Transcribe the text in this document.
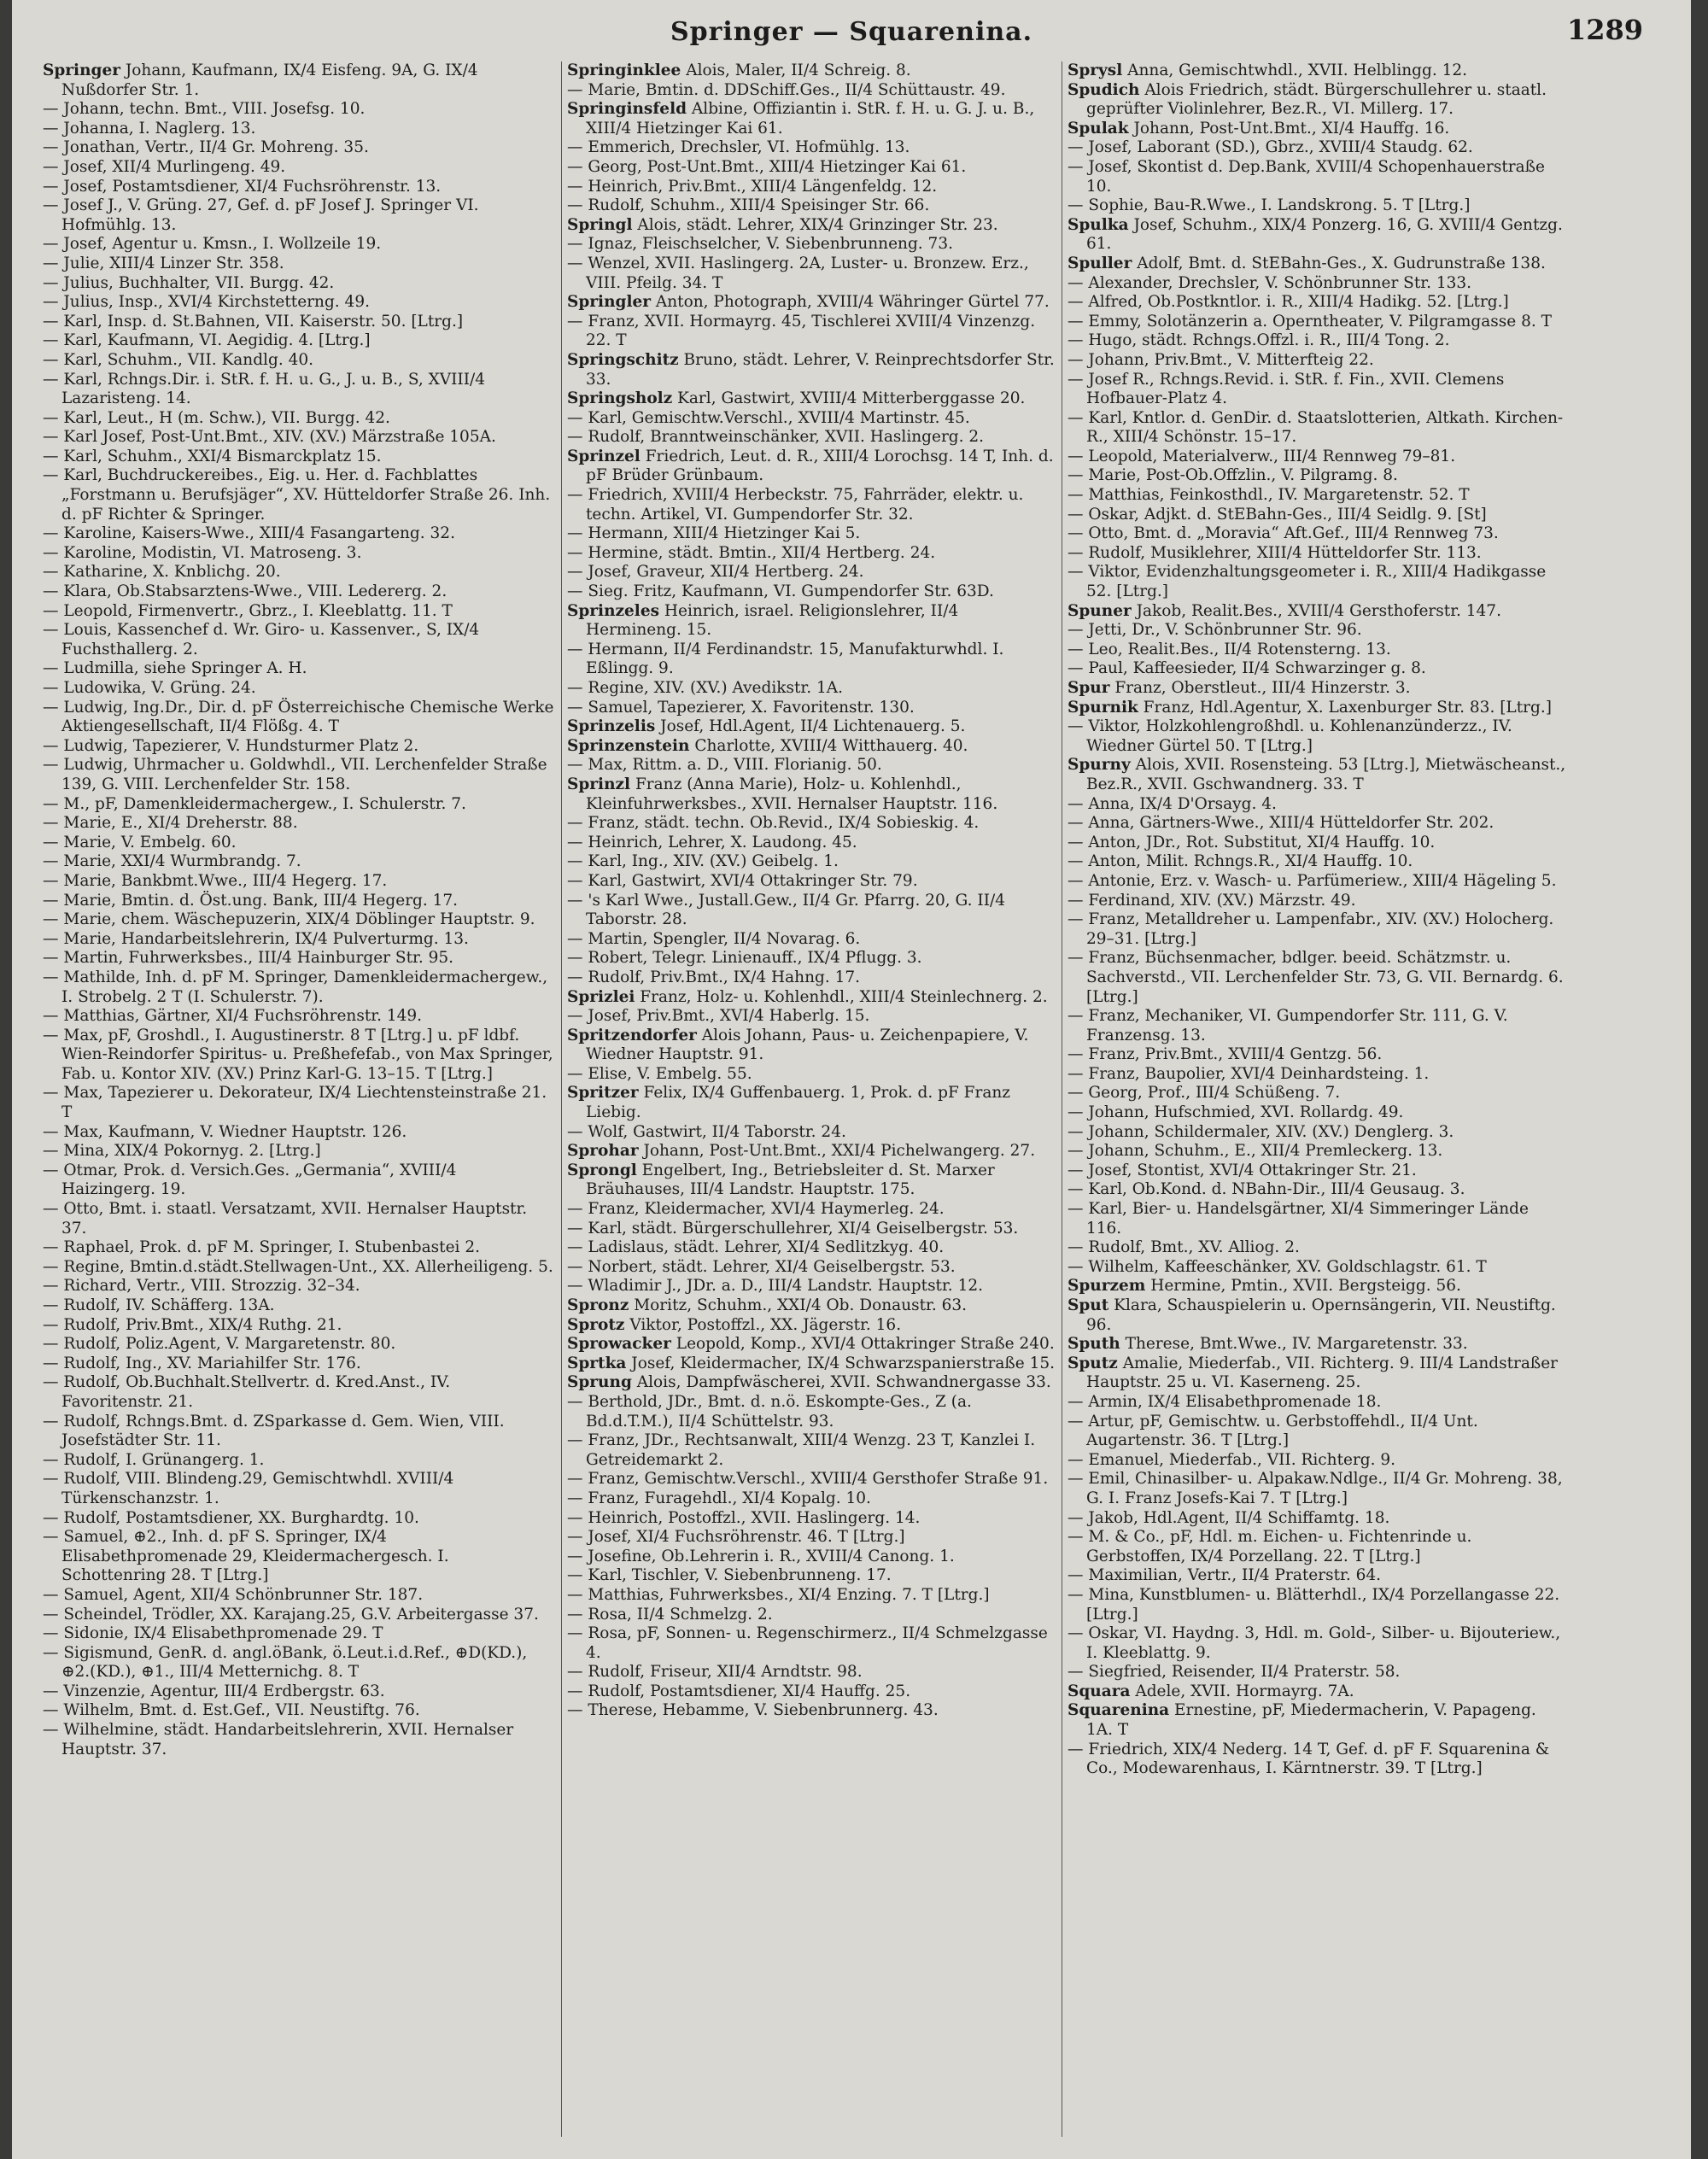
Springer — Squarenina.	1289

Springer Johann, Kaufmann, IX/4 Eisfeng. 9A, G. IX/4 Nußdorfer Str. 1.

— Johann, techn. Bmt., VIII. Josefsg. 10.

— Johanna, I. Naglerg. 13.

— Jonathan, Vertr., II/4 Gr. Mohreng. 35.

— Josef, XII/4 Murlingeng. 49.

— Josef, Postamtsdiener, XI/4 Fuchsröhrenstr. 13.

— Josef J., V. Grüng. 27, Gef. d. pF Josef J. Springer VI. Hofmühlg. 13.

— Josef, Agentur u. Kmsn., I. Wollzeile 19.

— Julie, XIII/4 Linzer Str. 358.

— Julius, Buchhalter, VII. Burgg. 42.

— Julius, Insp., XVI/4 Kirchstetterng. 49.

— Karl, Insp. d. St.Bahnen, VII. Kaiserstr. 50. [Ltrg.]

— Karl, Kaufmann, VI. Aegidig. 4. [Ltrg.]

— Karl, Schuhm., VII. Kandlg. 40.

— Karl, Rchngs.Dir. i. StR. f. H. u. G., J. u. B., S, XVIII/4 Lazaristeng. 14.

— Karl, Leut., H (m. Schw.), VII. Burgg. 42.

— Karl Josef, Post-Unt.Bmt., XIV. (XV.) Märzstraße 105A.

— Karl, Schuhm., XXI/4 Bismarckplatz 15.

— Karl, Buchdruckereibes., Eig. u. Her. d. Fachblattes „Forstmann u. Berufsjäger“, XV. Hütteldorfer Straße 26. Inh. d. pF Richter & Springer.

— Karoline, Kaisers-Wwe., XIII/4 Fasangarteng. 32.

— Karoline, Modistin, VI. Matroseng. 3.

— Katharine, X. Knblichg. 20.

— Klara, Ob.Stabsarztens-Wwe., VIII. Ledererg. 2.

— Leopold, Firmenvertr., Gbrz., I. Kleeblattg. 11. T

— Louis, Kassenchef d. Wr. Giro- u. Kassenver., S, IX/4 Fuchsthallerg. 2.

— Ludmilla, siehe Springer A. H.

— Ludowika, V. Grüng. 24.

— Ludwig, Ing.Dr., Dir. d. pF Österreichische Chemische Werke Aktiengesellschaft, II/4 Flößg. 4. T

— Ludwig, Tapezierer, V. Hundsturmer Platz 2.

— Ludwig, Uhrmacher u. Goldwhdl., VII. Lerchenfelder Straße 139, G. VIII. Lerchenfelder Str. 158.

— M., pF, Damenkleidermachergew., I. Schulerstr. 7.

— Marie, E., XI/4 Dreherstr. 88.

— Marie, V. Embelg. 60.

— Marie, XXI/4 Wurmbrandg. 7.

— Marie, Bankbmt.Wwe., III/4 Hegerg. 17.

— Marie, Bmtin. d. Öst.ung. Bank, III/4 Hegerg. 17.

— Marie, chem. Wäschepuzerin, XIX/4 Döblinger Hauptstr. 9.

— Marie, Handarbeitslehrerin, IX/4 Pulverturmg. 13.

— Martin, Fuhrwerksbes., III/4 Hainburger Str. 95.

— Mathilde, Inh. d. pF M. Springer, Damenkleidermachergew., I. Strobelg. 2 T (I. Schulerstr. 7).

— Matthias, Gärtner, XI/4 Fuchsröhrenstr. 149.

— Max, pF, Groshdl., I. Augustinerstr. 8 T [Ltrg.] u. pF ldbf. Wien-Reindorfer Spiritus- u. Preßhefefab., von Max Springer, Fab. u. Kontor XIV. (XV.) Prinz Karl-G. 13–15. T [Ltrg.]

— Max, Tapezierer u. Dekorateur, IX/4 Liechtensteinstraße 21. T

— Max, Kaufmann, V. Wiedner Hauptstr. 126.

— Mina, XIX/4 Pokornyg. 2. [Ltrg.]

— Otmar, Prok. d. Versich.Ges. „Germania“, XVIII/4 Haizingerg. 19.

— Otto, Bmt. i. staatl. Versatzamt, XVII. Hernalser Hauptstr. 37.

— Raphael, Prok. d. pF M. Springer, I. Stubenbastei 2.

— Regine, Bmtin.d.städt.Stellwagen-Unt., XX. Allerheiligeng. 5.

— Richard, Vertr., VIII. Strozzig. 32–34.

— Rudolf, IV. Schäfferg. 13A.

— Rudolf, Priv.Bmt., XIX/4 Ruthg. 21.

— Rudolf, Poliz.Agent, V. Margaretenstr. 80.

— Rudolf, Ing., XV. Mariahilfer Str. 176.

— Rudolf, Ob.Buchhalt.Stellvertr. d. Kred.Anst., IV. Favoritenstr. 21.

— Rudolf, Rchngs.Bmt. d. ZSparkasse d. Gem. Wien, VIII. Josefstädter Str. 11.

— Rudolf, I. Grünangerg. 1.

— Rudolf, VIII. Blindeng.29, Gemischtwhdl. XVIII/4 Türkenschanzstr. 1.

— Rudolf, Postamtsdiener, XX. Burghardtg. 10.

— Samuel, ⊕2., Inh. d. pF S. Springer, IX/4 Elisabethpromenade 29, Kleidermachergesch. I. Schottenring 28. T [Ltrg.]

— Samuel, Agent, XII/4 Schönbrunner Str. 187.

— Scheindel, Trödler, XX. Karajang.25, G.V. Arbeitergasse 37.

— Sidonie, IX/4 Elisabethpromenade 29. T

— Sigismund, GenR. d. angl.öBank, ö.Leut.i.d.Ref., ⊕D(KD.), ⊕2.(KD.), ⊕1., III/4 Metternichg. 8. T

— Vinzenzie, Agentur, III/4 Erdbergstr. 63.

— Wilhelm, Bmt. d. Est.Gef., VII. Neustiftg. 76.

— Wilhelmine, städt. Handarbeitslehrerin, XVII. Hernalser Hauptstr. 37.

Springinklee Alois, Maler, II/4 Schreig. 8.

— Marie, Bmtin. d. DDSchiff.Ges., II/4 Schüttaustr. 49.

Springinsfeld Albine, Offiziantin i. StR. f. H. u. G. J. u. B., XIII/4 Hietzinger Kai 61.

— Emmerich, Drechsler, VI. Hofmühlg. 13.

— Georg, Post-Unt.Bmt., XIII/4 Hietzinger Kai 61.

— Heinrich, Priv.Bmt., XIII/4 Längenfeldg. 12.

— Rudolf, Schuhm., XIII/4 Speisinger Str. 66.

Springl Alois, städt. Lehrer, XIX/4 Grinzinger Str. 23.

— Ignaz, Fleischselcher, V. Siebenbrunneng. 73.

— Wenzel, XVII. Haslingerg. 2A, Luster- u. Bronzew. Erz., VIII. Pfeilg. 34. T

Springler Anton, Photograph, XVIII/4 Währinger Gürtel 77.

— Franz, XVII. Hormayrg. 45, Tischlerei XVIII/4 Vinzenzg. 22. T

Springschitz Bruno, städt. Lehrer, V. Reinprechtsdorfer Str. 33.

Springsholz Karl, Gastwirt, XVIII/4 Mitterberggasse 20.

— Karl, Gemischtw.Verschl., XVIII/4 Martinstr. 45.

— Rudolf, Branntweinschänker, XVII. Haslingerg. 2.

Sprinzel Friedrich, Leut. d. R., XIII/4 Lorochsg. 14 T, Inh. d. pF Brüder Grünbaum.

— Friedrich, XVIII/4 Herbeckstr. 75, Fahrräder, elektr. u. techn. Artikel, VI. Gumpendorfer Str. 32.

— Hermann, XIII/4 Hietzinger Kai 5.

— Hermine, städt. Bmtin., XII/4 Hertberg. 24.

— Josef, Graveur, XII/4 Hertberg. 24.

— Sieg. Fritz, Kaufmann, VI. Gumpendorfer Str. 63D.

Sprinzeles Heinrich, israel. Religionslehrer, II/4 Hermineng. 15.

— Hermann, II/4 Ferdinandstr. 15, Manufakturwhdl. I. Eßlingg. 9.

— Regine, XIV. (XV.) Avedikstr. 1A.

— Samuel, Tapezierer, X. Favoritenstr. 130.

Sprinzelis Josef, Hdl.Agent, II/4 Lichtenauerg. 5.

Sprinzenstein Charlotte, XVIII/4 Witthauerg. 40.

— Max, Rittm. a. D., VIII. Florianig. 50.

Sprinzl Franz (Anna Marie), Holz- u. Kohlenhdl., Kleinfuhrwerksbes., XVII. Hernalser Hauptstr. 116.

— Franz, städt. techn. Ob.Revid., IX/4 Sobieskig. 4.

— Heinrich, Lehrer, X. Laudong. 45.

— Karl, Ing., XIV. (XV.) Geibelg. 1.

— Karl, Gastwirt, XVI/4 Ottakringer Str. 79.

— 's Karl Wwe., Justall.Gew., II/4 Gr. Pfarrg. 20, G. II/4 Taborstr. 28.

— Martin, Spengler, II/4 Novarag. 6.

— Robert, Telegr. Linienauff., IX/4 Pflugg. 3.

— Rudolf, Priv.Bmt., IX/4 Hahng. 17.

Sprizlei Franz, Holz- u. Kohlenhdl., XIII/4 Steinlechnerg. 2.

— Josef, Priv.Bmt., XVI/4 Haberlg. 15.

Spritzendorfer Alois Johann, Paus- u. Zeichenpapiere, V. Wiedner Hauptstr. 91.

— Elise, V. Embelg. 55.

Spritzer Felix, IX/4 Guffenbauerg. 1, Prok. d. pF Franz Liebig.

— Wolf, Gastwirt, II/4 Taborstr. 24.

Sprohar Johann, Post-Unt.Bmt., XXI/4 Pichelwangerg. 27.

Sprongl Engelbert, Ing., Betriebsleiter d. St. Marxer Bräuhauses, III/4 Landstr. Hauptstr. 175.

— Franz, Kleidermacher, XVI/4 Haymerleg. 24.

— Karl, städt. Bürgerschullehrer, XI/4 Geiselbergstr. 53.

— Ladislaus, städt. Lehrer, XI/4 Sedlitzkyg. 40.

— Norbert, städt. Lehrer, XI/4 Geiselbergstr. 53.

— Wladimir J., JDr. a. D., III/4 Landstr. Hauptstr. 12.

Spronz Moritz, Schuhm., XXI/4 Ob. Donaustr. 63.

Sprotz Viktor, Postoffzl., XX. Jägerstr. 16.

Sprowacker Leopold, Komp., XVI/4 Ottakringer Straße 240.

Sprtka Josef, Kleidermacher, IX/4 Schwarzspanierstraße 15.

Sprung Alois, Dampfwäscherei, XVII. Schwandnergasse 33.

— Berthold, JDr., Bmt. d. n.ö. Eskompte-Ges., Z (a. Bd.d.T.M.), II/4 Schüttelstr. 93.

— Franz, JDr., Rechtsanwalt, XIII/4 Wenzg. 23 T, Kanzlei I. Getreidemarkt 2.

— Franz, Gemischtw.Verschl., XVIII/4 Gersthofer Straße 91.

— Franz, Furagehdl., XI/4 Kopalg. 10.

— Heinrich, Postoffzl., XVII. Haslingerg. 14.

— Josef, XI/4 Fuchsröhrenstr. 46. T [Ltrg.]

— Josefine, Ob.Lehrerin i. R., XVIII/4 Canong. 1.

— Karl, Tischler, V. Siebenbrunneng. 17.

— Matthias, Fuhrwerksbes., XI/4 Enzing. 7. T [Ltrg.]

— Rosa, II/4 Schmelzg. 2.

— Rosa, pF, Sonnen- u. Regenschirmerz., II/4 Schmelzgasse 4.

— Rudolf, Friseur, XII/4 Arndtstr. 98.

— Rudolf, Postamtsdiener, XI/4 Hauffg. 25.

— Therese, Hebamme, V. Siebenbrunnerg. 43.

Sprysl Anna, Gemischtwhdl., XVII. Helblingg. 12.

Spudich Alois Friedrich, städt. Bürgerschullehrer u. staatl. geprüfter Violinlehrer, Bez.R., VI. Millerg. 17.

Spulak Johann, Post-Unt.Bmt., XI/4 Hauffg. 16.

— Josef, Laborant (SD.), Gbrz., XVIII/4 Staudg. 62.

— Josef, Skontist d. Dep.Bank, XVIII/4 Schopenhauerstraße 10.

— Sophie, Bau-R.Wwe., I. Landskrong. 5. T [Ltrg.]

Spulka Josef, Schuhm., XIX/4 Ponzerg. 16, G. XVIII/4 Gentzg. 61.

Spuller Adolf, Bmt. d. StEBahn-Ges., X. Gudrunstraße 138.

— Alexander, Drechsler, V. Schönbrunner Str. 133.

— Alfred, Ob.Postkntlor. i. R., XIII/4 Hadikg. 52. [Ltrg.]

— Emmy, Solotänzerin a. Operntheater, V. Pilgramgasse 8. T

— Hugo, städt. Rchngs.Offzl. i. R., III/4 Tong. 2.

— Johann, Priv.Bmt., V. Mitterfteig 22.

— Josef R., Rchngs.Revid. i. StR. f. Fin., XVII. Clemens Hofbauer-Platz 4.

— Karl, Kntlor. d. GenDir. d. Staatslotterien, Altkath. Kirchen-R., XIII/4 Schönstr. 15–17.

— Leopold, Materialverw., III/4 Rennweg 79–81.

— Marie, Post-Ob.Offzlin., V. Pilgramg. 8.

— Matthias, Feinkosthdl., IV. Margaretenstr. 52. T

— Oskar, Adjkt. d. StEBahn-Ges., III/4 Seidlg. 9. [St]

— Otto, Bmt. d. „Moravia“ Aft.Gef., III/4 Rennweg 73.

— Rudolf, Musiklehrer, XIII/4 Hütteldorfer Str. 113.

— Viktor, Evidenzhaltungsgeometer i. R., XIII/4 Hadikgasse 52. [Ltrg.]

Spuner Jakob, Realit.Bes., XVIII/4 Gersthoferstr. 147.

— Jetti, Dr., V. Schönbrunner Str. 96.

— Leo, Realit.Bes., II/4 Rotensterng. 13.

— Paul, Kaffeesieder, II/4 Schwarzinger g. 8.

Spur Franz, Oberstleut., III/4 Hinzerstr. 3.

Spurnik Franz, Hdl.Agentur, X. Laxenburger Str. 83. [Ltrg.]

— Viktor, Holzkohlengroßhdl. u. Kohlenanzünderzz., IV. Wiedner Gürtel 50. T [Ltrg.]

Spurny Alois, XVII. Rosensteing. 53 [Ltrg.], Mietwäscheanst., Bez.R., XVII. Gschwandnerg. 33. T

— Anna, IX/4 D'Orsayg. 4.

— Anna, Gärtners-Wwe., XIII/4 Hütteldorfer Str. 202.

— Anton, JDr., Rot. Substitut, XI/4 Hauffg. 10.

— Anton, Milit. Rchngs.R., XI/4 Hauffg. 10.

— Antonie, Erz. v. Wasch- u. Parfümeriew., XIII/4 Hägeling 5.

— Ferdinand, XIV. (XV.) Märzstr. 49.

— Franz, Metalldreher u. Lampenfabr., XIV. (XV.) Holocherg. 29–31. [Ltrg.]

— Franz, Büchsenmacher, bdlger. beeid. Schätzmstr. u. Sachverstd., VII. Lerchenfelder Str. 73, G. VII. Bernardg. 6. [Ltrg.]

— Franz, Mechaniker, VI. Gumpendorfer Str. 111, G. V. Franzensg. 13.

— Franz, Priv.Bmt., XVIII/4 Gentzg. 56.

— Franz, Baupolier, XVI/4 Deinhardsteing. 1.

— Georg, Prof., III/4 Schüßeng. 7.

— Johann, Hufschmied, XVI. Rollardg. 49.

— Johann, Schildermaler, XIV. (XV.) Denglerg. 3.

— Johann, Schuhm., E., XII/4 Premleckerg. 13.

— Josef, Stontist, XVI/4 Ottakringer Str. 21.

— Karl, Ob.Kond. d. NBahn-Dir., III/4 Geusaug. 3.

— Karl, Bier- u. Handelsgärtner, XI/4 Simmeringer Lände 116.

— Rudolf, Bmt., XV. Alliog. 2.

— Wilhelm, Kaffeeschänker, XV. Goldschlagstr. 61. T

Spurzem Hermine, Pmtin., XVII. Bergsteigg. 56.

Sput Klara, Schauspielerin u. Opernsängerin, VII. Neustiftg. 96.

Sputh Therese, Bmt.Wwe., IV. Margaretenstr. 33.

Sputz Amalie, Miederfab., VII. Richterg. 9. III/4 Landstraßer Hauptstr. 25 u. VI. Kaserneng. 25.

— Armin, IX/4 Elisabethpromenade 18.

— Artur, pF, Gemischtw. u. Gerbstoffehdl., II/4 Unt. Augartenstr. 36. T [Ltrg.]

— Emanuel, Miederfab., VII. Richterg. 9.

— Emil, Chinasilber- u. Alpakaw.Ndlge., II/4 Gr. Mohreng. 38, G. I. Franz Josefs-Kai 7. T [Ltrg.]

— Jakob, Hdl.Agent, II/4 Schiffamtg. 18.

— M. & Co., pF, Hdl. m. Eichen- u. Fichtenrinde u. Gerbstoffen, IX/4 Porzellang. 22. T [Ltrg.]

— Maximilian, Vertr., II/4 Praterstr. 64.

— Mina, Kunstblumen- u. Blätterhdl., IX/4 Porzellangasse 22. [Ltrg.]

— Oskar, VI. Haydng. 3, Hdl. m. Gold-, Silber- u. Bijouteriew., I. Kleeblattg. 9.

— Siegfried, Reisender, II/4 Praterstr. 58.

Squara Adele, XVII. Hormayrg. 7A.

Squarenina Ernestine, pF, Miedermacherin, V. Papageng. 1A. T

— Friedrich, XIX/4 Nederg. 14 T, Gef. d. pF F. Squarenina & Co., Modewarenhaus, I. Kärntnerstr. 39. T [Ltrg.]
